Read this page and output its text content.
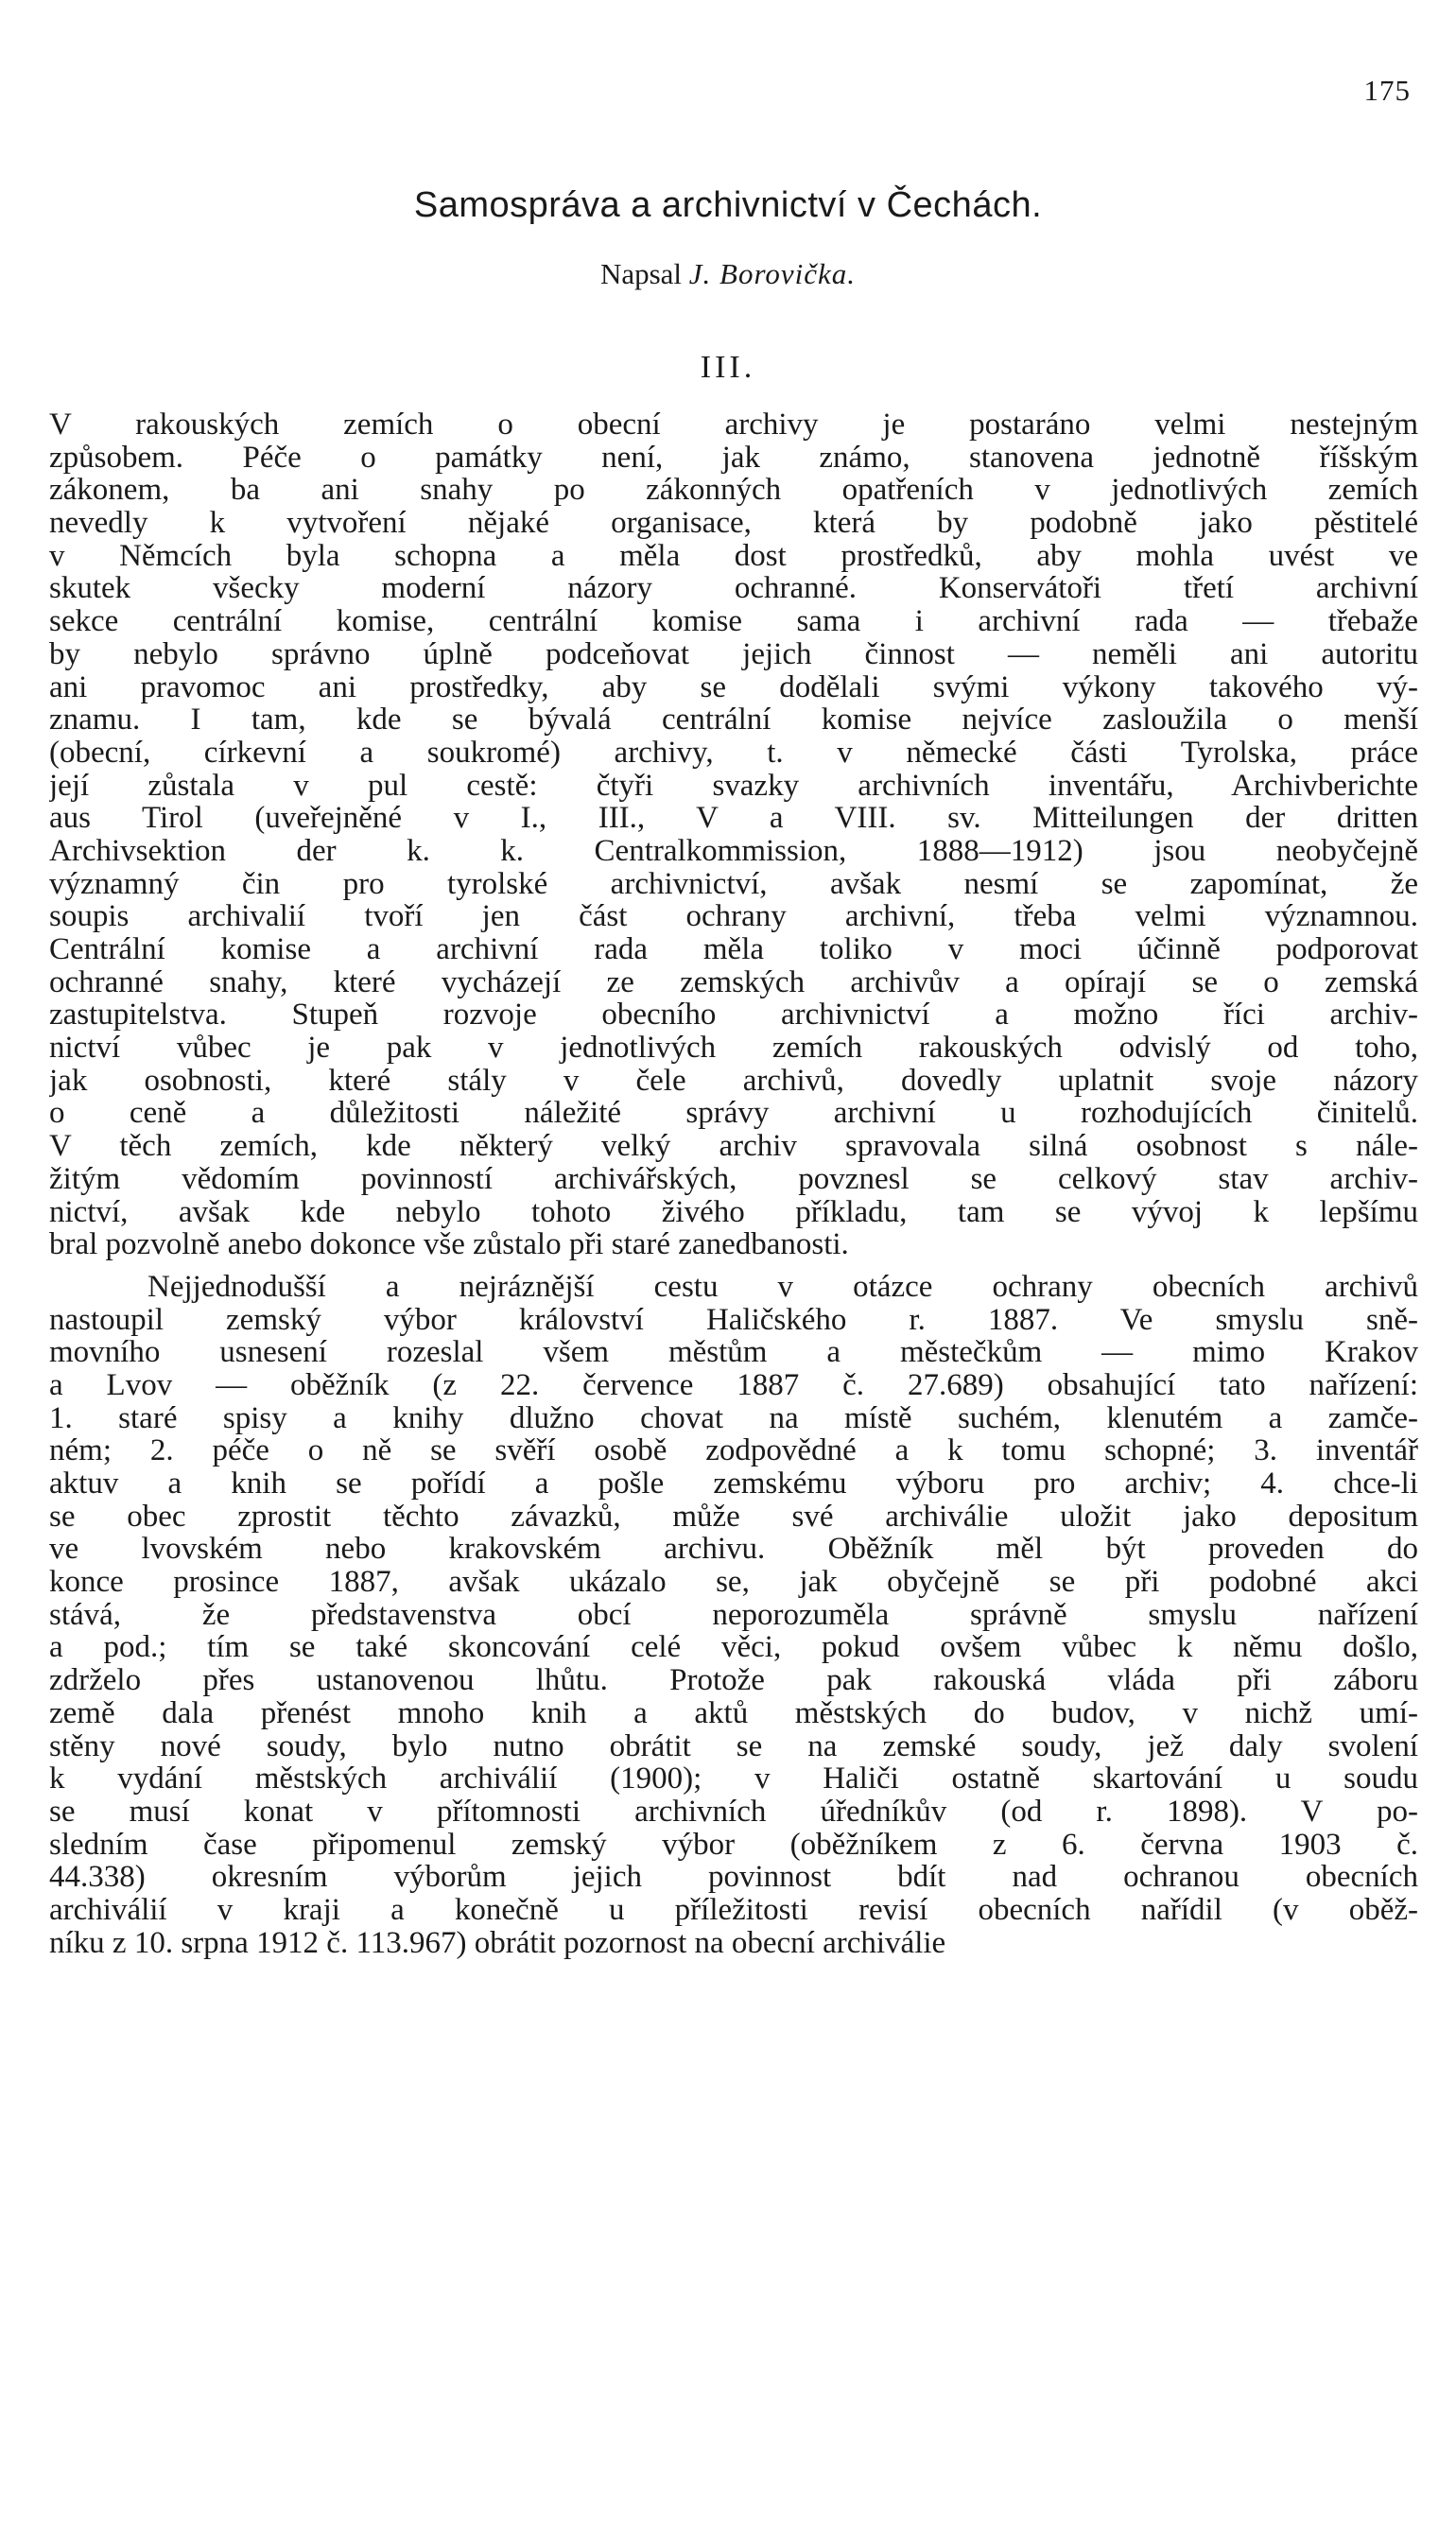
175
Samospráva a archivnictví v Čechách.
Napsal J. Borovička.
III.
V rakouských zemích o obecní archivy je postaráno velmi nestejným
způsobem. Péče o památky není, jak známo, stanovena jednotně říšským
zákonem, ba ani snahy po zákonných opatřeních v jednotlivých zemích
nevedly k vytvoření nějaké organisace, která by podobně jako pěstitelé
v Němcích byla schopna a měla dost prostředků, aby mohla uvést ve
skutek všecky moderní názory ochranné. Konservátoři třetí archivní
sekce centrální komise, centrální komise sama i archivní rada — třebaže
by nebylo správno úplně podceňovat jejich činnost — neměli ani autoritu
ani pravomoc ani prostředky, aby se dodělali svými výkony takového vý-
znamu. I tam, kde se bývalá centrální komise nejvíce zasloužila o menší
(obecní, církevní a soukromé) archivy, t. v německé části Tyrolska, práce
její zůstala v pul cestě: čtyři svazky archivních inventářu, Archivberichte
aus Tirol (uveřejněné v I., III., V a VIII. sv. Mitteilungen der dritten
Archivsektion der k. k. Centralkommission, 1888—1912) jsou neobyčejně
významný čin pro tyrolské archivnictví, avšak nesmí se zapomínat, že
soupis archivalií tvoří jen část ochrany archivní, třeba velmi významnou.
Centrální komise a archivní rada měla toliko v moci účinně podporovat
ochranné snahy, které vycházejí ze zemských archivův a opírají se o zemská
zastupitelstva. Stupeň rozvoje obecního archivnictví a možno říci archiv-
nictví vůbec je pak v jednotlivých zemích rakouských odvislý od toho,
jak osobnosti, které stály v čele archivů, dovedly uplatnit svoje názory
o ceně a důležitosti náležité správy archivní u rozhodujících činitelů.
V těch zemích, kde některý velký archiv spravovala silná osobnost s nále-
žitým vědomím povinností archivářských, povznesl se celkový stav archiv-
nictví, avšak kde nebylo tohoto živého příkladu, tam se vývoj k lepšímu
bral pozvolně anebo dokonce vše zůstalo při staré zanedbanosti.
Nejjednodušší a nejráznější cestu v otázce ochrany obecních archivů
nastoupil zemský výbor království Haličského r. 1887. Ve smyslu sně-
movního usnesení rozeslal všem městům a městečkům — mimo Krakov
a Lvov — oběžník (z 22. července 1887 č. 27.689) obsahující tato nařízení:
1. staré spisy a knihy dlužno chovat na místě suchém, klenutém a zamče-
ném; 2. péče o ně se svěří osobě zodpovědné a k tomu schopné; 3. inventář
aktuv a knih se pořídí a pošle zemskému výboru pro archiv; 4. chce-li
se obec zprostit těchto závazků, může své archiválie uložit jako depositum
ve lvovském nebo krakovském archivu. Oběžník měl být proveden do
konce prosince 1887, avšak ukázalo se, jak obyčejně se při podobné akci
stává, že představenstva obcí neporozuměla správně smyslu nařízení
a pod.; tím se také skoncování celé věci, pokud ovšem vůbec k němu došlo,
zdrželo přes ustanovenou lhůtu. Protože pak rakouská vláda při záboru
země dala přenést mnoho knih a aktů městských do budov, v nichž umí-
stěny nové soudy, bylo nutno obrátit se na zemské soudy, jež daly svolení
k vydání městských archiválií (1900); v Haliči ostatně skartování u soudu
se musí konat v přítomnosti archivních úředníkův (od r. 1898). V po-
sledním čase připomenul zemský výbor (oběžníkem z 6. června 1903 č.
44.338) okresním výborům jejich povinnost bdít nad ochranou obecních
archiválií v kraji a konečně u příležitosti revisí obecních nařídil (v oběž-
níku z 10. srpna 1912 č. 113.967) obrátit pozornost na obecní archiválie
